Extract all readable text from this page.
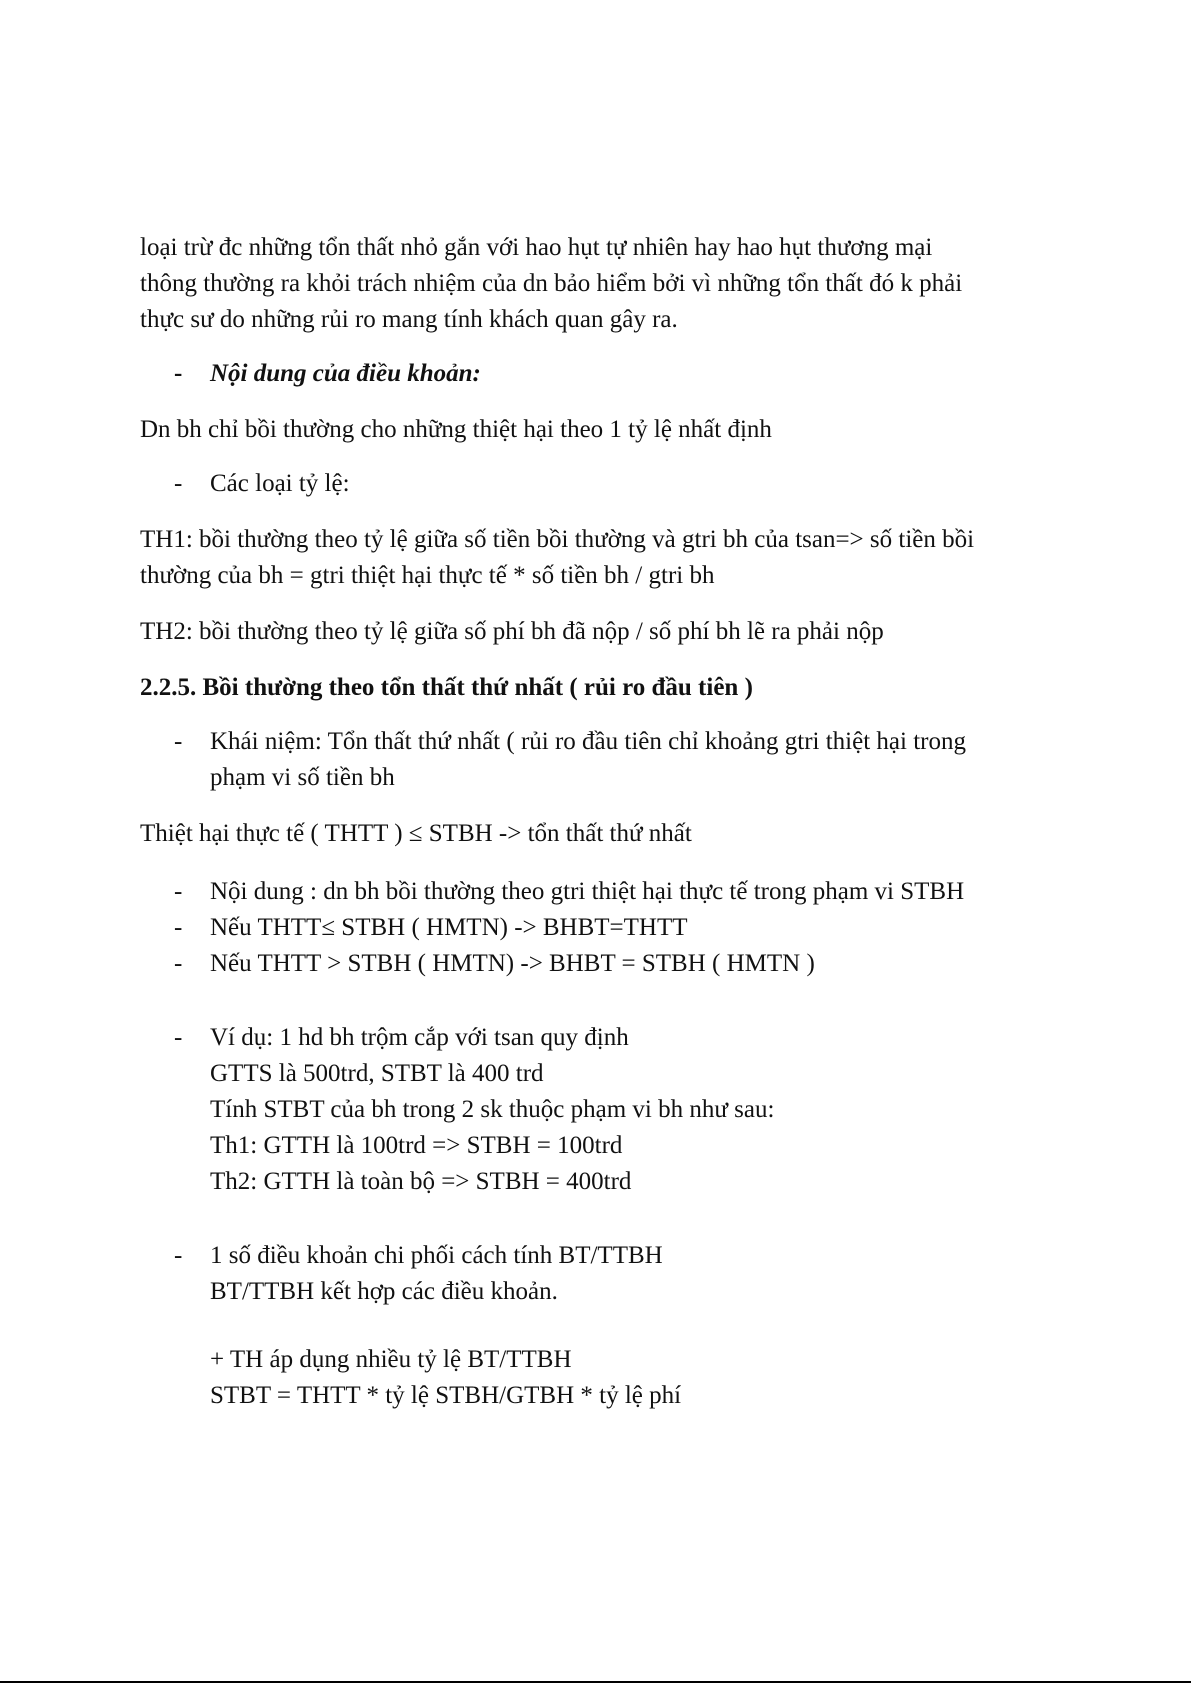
loại trừ đc những tổn thất nhỏ gắn với hao hụt tự nhiên hay hao hụt thương mại
thông thường ra khỏi trách nhiệm của dn bảo hiểm bởi vì những tổn thất đó k phải
thực sư do những rủi ro mang tính khách quan gây ra.
- Nội dung của điều khoản:
Dn bh chỉ bồi thường cho những thiệt hại theo 1 tỷ lệ nhất định
- Các loại tỷ lệ:
TH1: bồi thường theo tỷ lệ giữa số tiền bồi thường và gtri bh của tsan=> số tiền bồi
thường của bh = gtri thiệt hại thực tế * số tiền bh / gtri bh
TH2: bồi thường theo tỷ lệ giữa số phí bh đã nộp / số phí bh lẽ ra phải nộp
2.2.5. Bồi thường theo tổn thất thứ nhất ( rủi ro đầu tiên )
- Khái niệm: Tổn thất thứ nhất ( rủi ro đầu tiên chỉ khoảng gtri thiệt hại trong
phạm vi số tiền bh
Thiệt hại thực tế ( THTT ) ≤ STBH -> tổn thất thứ nhất
- Nội dung : dn bh bồi thường theo gtri thiệt hại thực tế trong phạm vi STBH
- Nếu THTT≤ STBH ( HMTN) -> BHBT=THTT
- Nếu THTT > STBH ( HMTN) -> BHBT = STBH ( HMTN )
- Ví dụ: 1 hd bh trộm cắp với tsan quy định
GTTS là 500trd, STBT là 400 trd
Tính STBT của bh trong 2 sk thuộc phạm vi bh như sau:
Th1: GTTH là 100trd => STBH = 100trd
Th2: GTTH là toàn bộ => STBH = 400trd
- 1 số điều khoản chi phối cách tính BT/TTBH
BT/TTBH kết hợp các điều khoản.
+ TH áp dụng nhiều tỷ lệ BT/TTBH
STBT = THTT * tỷ lệ STBH/GTBH * tỷ lệ phí
